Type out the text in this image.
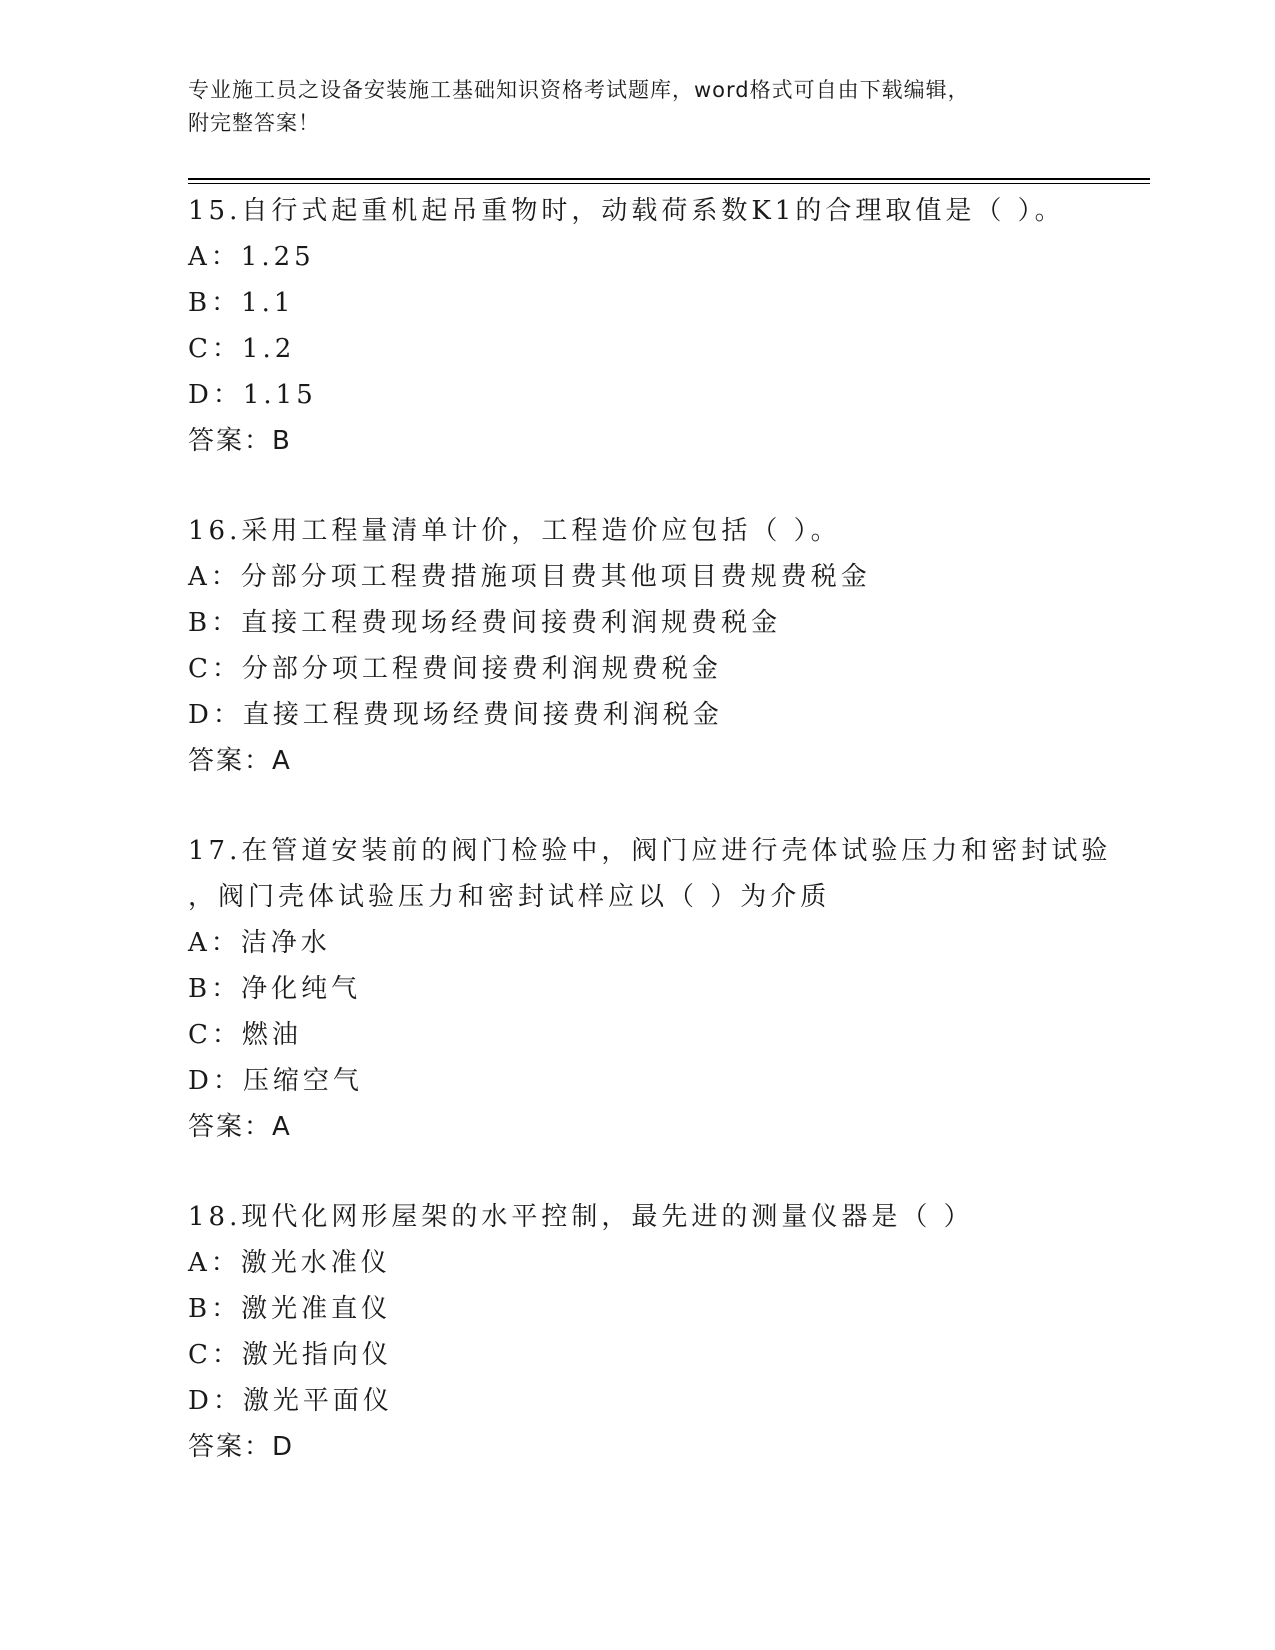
专业施工员之设备安装施工基础知识资格考试题库，word格式可自由下载编辑，
附完整答案！
15.自行式起重机起吊重物时，动载荷系数K1的合理取值是（ ）。
A：1.25
B：1.1
C：1.2
D：1.15
答案：B
16.采用工程量清单计价，工程造价应包括（ ）。
A：分部分项工程费措施项目费其他项目费规费税金
B：直接工程费现场经费间接费利润规费税金
C：分部分项工程费间接费利润规费税金
D：直接工程费现场经费间接费利润税金
答案：A
17.在管道安装前的阀门检验中，阀门应进行壳体试验压力和密封试验
，阀门壳体试验压力和密封试样应以（ ）为介质
A：洁净水
B：净化纯气
C：燃油
D：压缩空气
答案：A
18.现代化网形屋架的水平控制，最先进的测量仪器是（ ）
A：激光水准仪
B：激光准直仪
C：激光指向仪
D：激光平面仪
答案：D
